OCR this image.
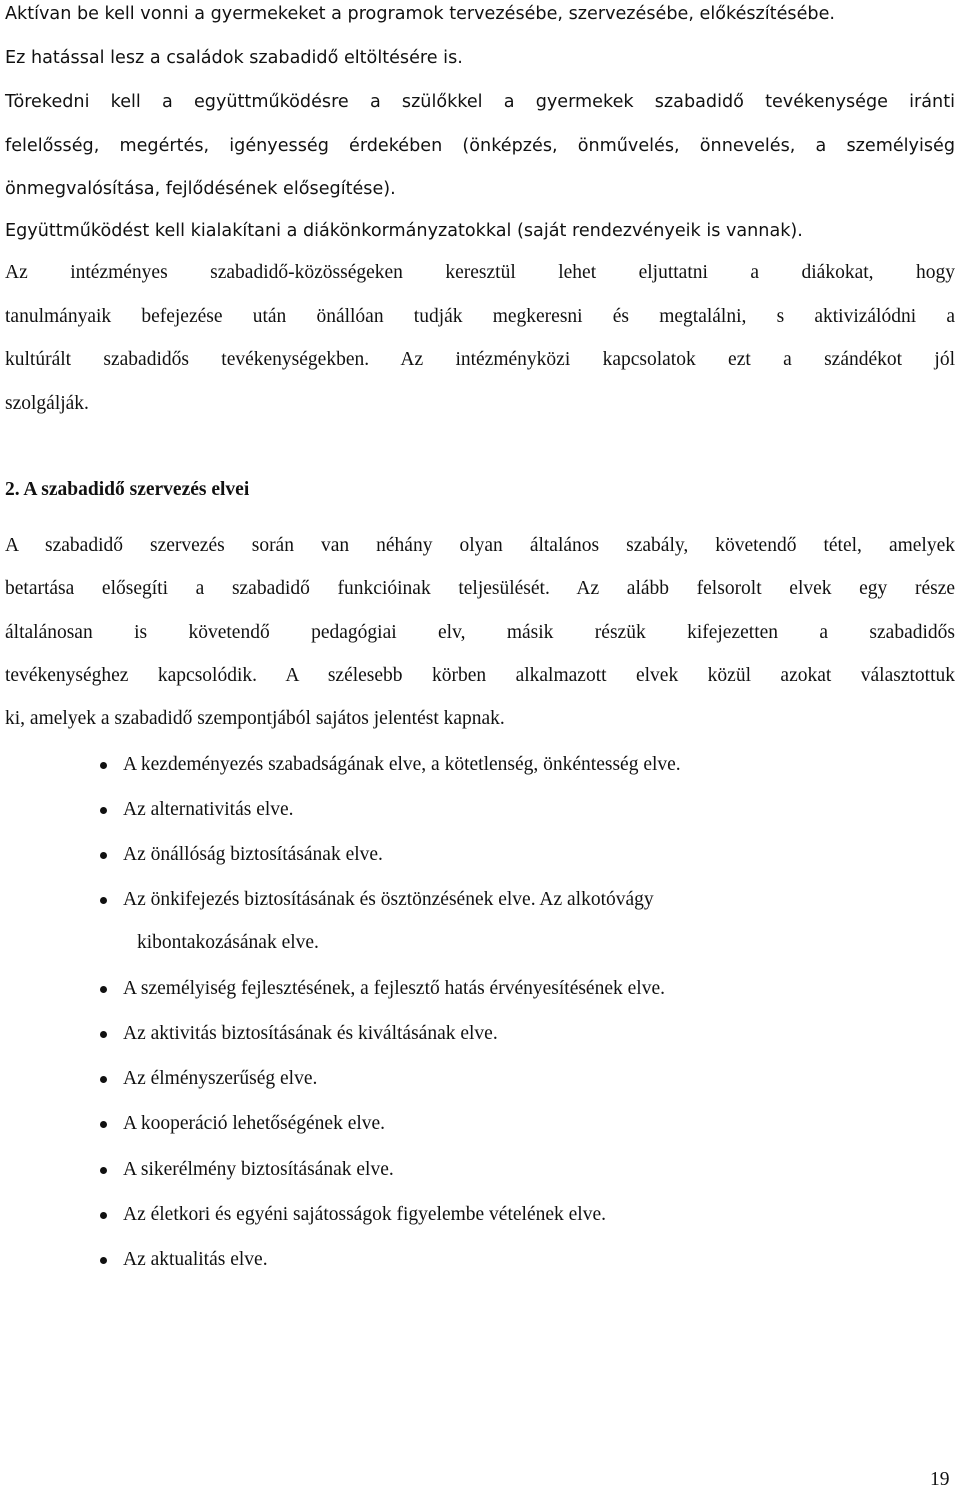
Aktívan be kell vonni a gyermekeket a programok tervezésébe, szervezésébe, előkészítésébe.
Ez hatással lesz a családok szabadidő eltöltésére is.
Törekedni kell a együttműködésre a szülőkkel a gyermekek szabadidő tevékenysége iránti
felelősség, megértés, igényesség érdekében (önképzés, önművelés, önnevelés, a személyiség
önmegvalósítása, fejlődésének elősegítése).
Együttműködést kell kialakítani a diákönkormányzatokkal (saját rendezvényeik is vannak).
Az intézményes szabadidő-közösségeken keresztül lehet eljuttatni a diákokat, hogy
tanulmányaik befejezése után önállóan tudják megkeresni és megtalálni, s aktivizálódni a
kultúrált szabadidős tevékenységekben. Az intézményközi kapcsolatok ezt a szándékot jól
szolgálják.
2. A szabadidő szervezés elvei
A szabadidő szervezés során van néhány olyan általános szabály, követendő tétel, amelyek
betartása elősegíti a szabadidő funkcióinak teljesülését. Az alább felsorolt elvek egy része
általánosan is követendő pedagógiai elv, másik részük kifejezetten a szabadidős
tevékenységhez kapcsolódik. A szélesebb körben alkalmazott elvek közül azokat választottuk
ki, amelyek a szabadidő szempontjából sajátos jelentést kapnak.
A kezdeményezés szabadságának elve, a kötetlenség, önkéntesség elve.
Az alternativitás elve.
Az önállóság biztosításának elve.
Az önkifejezés biztosításának és ösztönzésének elve. Az alkotóvágy
kibontakozásának elve.
A személyiség fejlesztésének, a fejlesztő hatás érvényesítésének elve.
Az aktivitás biztosításának és kiváltásának elve.
Az élményszerűség elve.
A kooperáció lehetőségének elve.
A sikerélmény biztosításának elve.
Az életkori és egyéni sajátosságok figyelembe vételének elve.
Az aktualitás elve.
19
